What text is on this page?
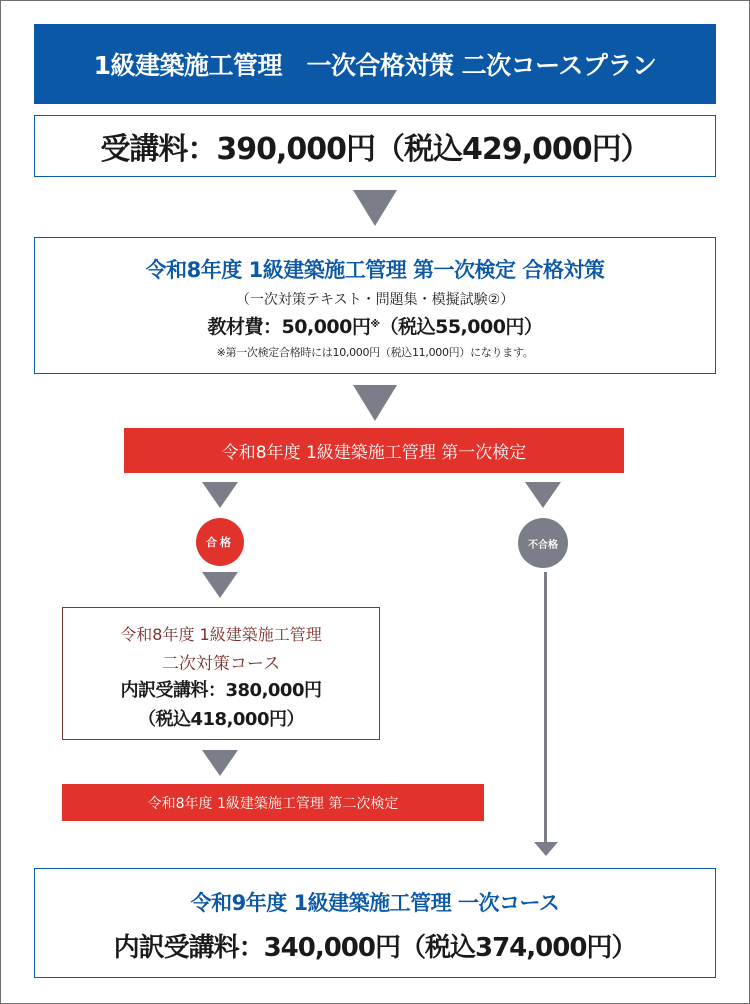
1級建築施工管理　一次合格対策 二次コースプラン
受講料：390,000円（税込429,000円）
令和8年度 1級建築施工管理 第一次検定 合格対策
（一次対策テキスト・問題集・模擬試験②）
教材費：50,000円※（税込55,000円）
※第一次検定合格時には10,000円（税込11,000円）になります。
令和8年度 1級建築施工管理 第一次検定
合格	不合格
令和8年度 1級建築施工管理
二次対策コース
内訳受講料：380,000円
（税込418,000円）
令和8年度 1級建築施工管理 第二次検定
令和9年度 1級建築施工管理 一次コース
内訳受講料：340,000円（税込374,000円）
